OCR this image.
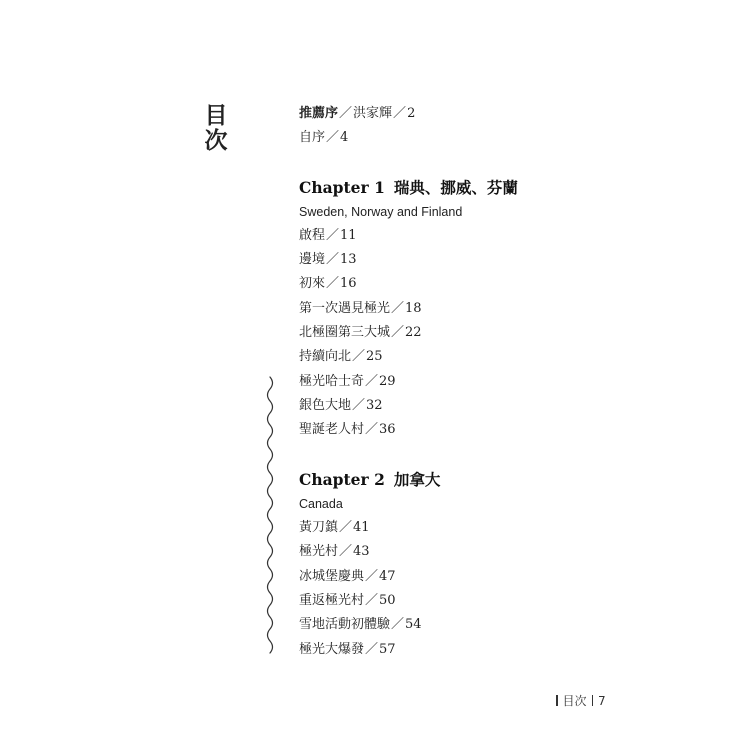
目
次
推薦序／洪家輝／2
自序／4
Chapter 1 瑞典、挪威、芬蘭
Sweden, Norway and Finland
啟程／11
邊境／13
初來／16
第一次遇見極光／18
北極圈第三大城／22
持續向北／25
極光哈士奇／29
銀色大地／32
聖誕老人村／36
Chapter 2 加拿大
Canada
黃刀鎮／41
極光村／43
冰城堡慶典／47
重返極光村／50
雪地活動初體驗／54
極光大爆發／57
目次 7
